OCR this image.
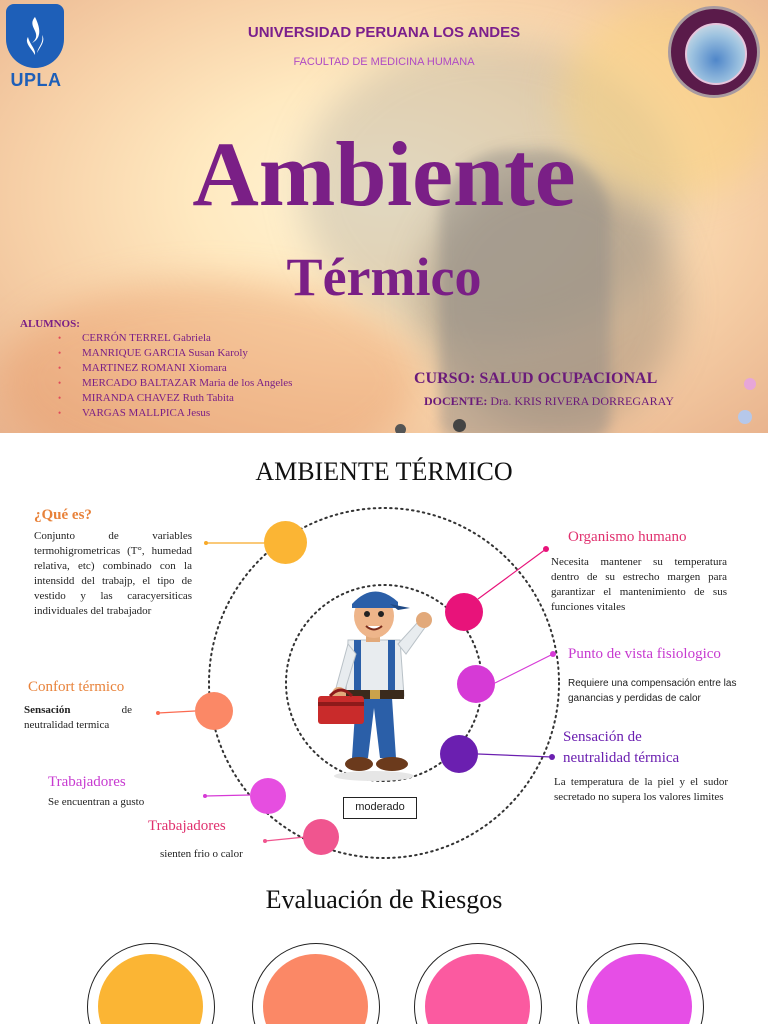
UPLA
UNIVERSIDAD PERUANA LOS ANDES
FACULTAD DE MEDICINA HUMANA
Ambiente
Térmico
ALUMNOS:
• CERRÓN TERREL Gabriela
• MANRIQUE GARCIA Susan Karoly
• MARTINEZ ROMANI Xiomara
• MERCADO BALTAZAR Maria de los Angeles
• MIRANDA CHAVEZ Ruth Tabita
• VARGAS MALLPICA Jesus
CURSO: SALUD OCUPACIONAL
DOCENTE: Dra. KRIS RIVERA DORREGARAY
AMBIENTE TÉRMICO
moderado
¿Qué es?
Conjunto de variables termohigrometricas (T°, humedad relativa, etc) combinado con la intensidd del trabajp, el tipo de vestido y las caracyersiticas individuales del trabajador
Confort térmico
Sensación de neutralidad termica
Trabajadores
Se encuentran a gusto
Trabajadores
sienten frio o calor
Organismo humano
Necesita mantener su temperatura dentro de su estrecho margen para garantizar el mantenimiento de sus funciones vitales
Punto de vista fisiologico
Requiere una compensación entre las ganancias y perdidas de calor
Sensación de
neutralidad térmica
La temperatura de la piel y el sudor secretado no supera los valores limites
Evaluación de Riesgos
